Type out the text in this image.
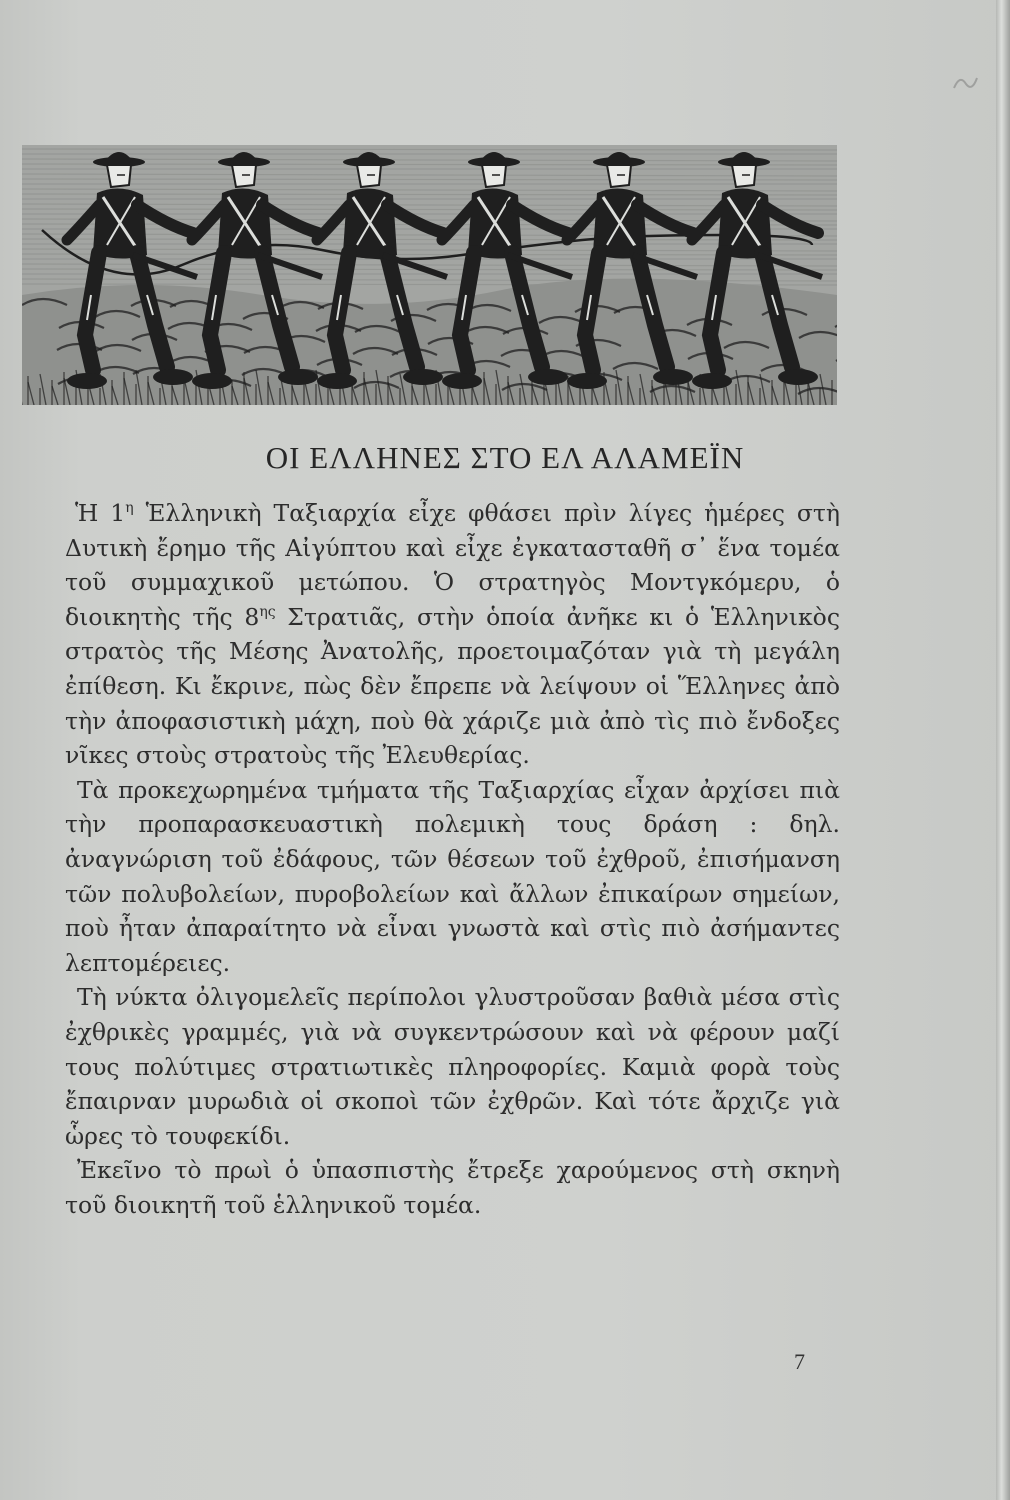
ΟΙ ΕΛΛΗΝΕΣ ΣΤΟ ΕΛ ΑΛΑΜΕΪΝ

Ἡ $1^\eta$ Ἑλληνικὴ Ταξιαρχία εἶχε φθάσει πρὶν λίγες ἡμέρες στὴ Δυτικὴ ἔρημο τῆς Αἰγύπτου καὶ εἶχε ἐγκατασταθῆ σ᾽ ἕνα τομέα τοῦ συμμαχικοῦ μετώπου. Ὁ στρατηγὸς Μοντγκόμερυ, ὁ διοικητὴς τῆς $8^{\eta\varsigma}$ Στρατιᾶς, στὴν ὁποία ἀνῆκε κι ὁ Ἑλληνικὸς στρατὸς τῆς Μέσης Ἀνατολῆς, προετοιμαζόταν γιὰ τὴ μεγάλη ἐπίθεση. Κι ἔκρινε, πὼς δὲν ἔπρεπε νὰ λείψουν οἱ Ἕλληνες ἀπὸ τὴν ἀποφασιστικὴ μάχη, ποὺ θὰ χάριζε μιὰ ἀπὸ τὶς πιὸ ἔνδοξες νῖκες στοὺς στρατοὺς τῆς Ἐλευθερίας.

Τὰ προκεχωρημένα τμήματα τῆς Ταξιαρχίας εἶχαν ἀρχίσει πιὰ τὴν προπαρασκευαστικὴ πολεμικὴ τους δράση : δηλ. ἀναγνώριση τοῦ ἐδάφους, τῶν θέσεων τοῦ ἐχθροῦ, ἐπισήμανση τῶν πολυβολείων, πυροβολείων καὶ ἄλλων ἐπικαίρων σημείων, ποὺ ἦταν ἀπαραίτητο νὰ εἶναι γνωστὰ καὶ στὶς πιὸ ἀσήμαντες λεπτομέρειες.

Τὴ νύκτα ὀλιγομελεῖς περίπολοι γλυστροῦσαν βαθιὰ μέσα στὶς ἐχθρικὲς γραμμές, γιὰ νὰ συγκεντρώσουν καὶ νὰ φέρουν μαζί τους πολύτιμες στρατιωτικὲς πληροφορίες. Καμιὰ φορὰ τοὺς ἔπαιρναν μυρωδιὰ οἱ σκοποὶ τῶν ἐχθρῶν. Καὶ τότε ἄρχιζε γιὰ ὧρες τὸ τουφεκίδι.

Ἐκεῖνο τὸ πρωὶ ὁ ὑπασπιστὴς ἔτρεξε χαρούμενος στὴ σκηνὴ τοῦ διοικητῆ τοῦ ἑλληνικοῦ τομέα.

7
